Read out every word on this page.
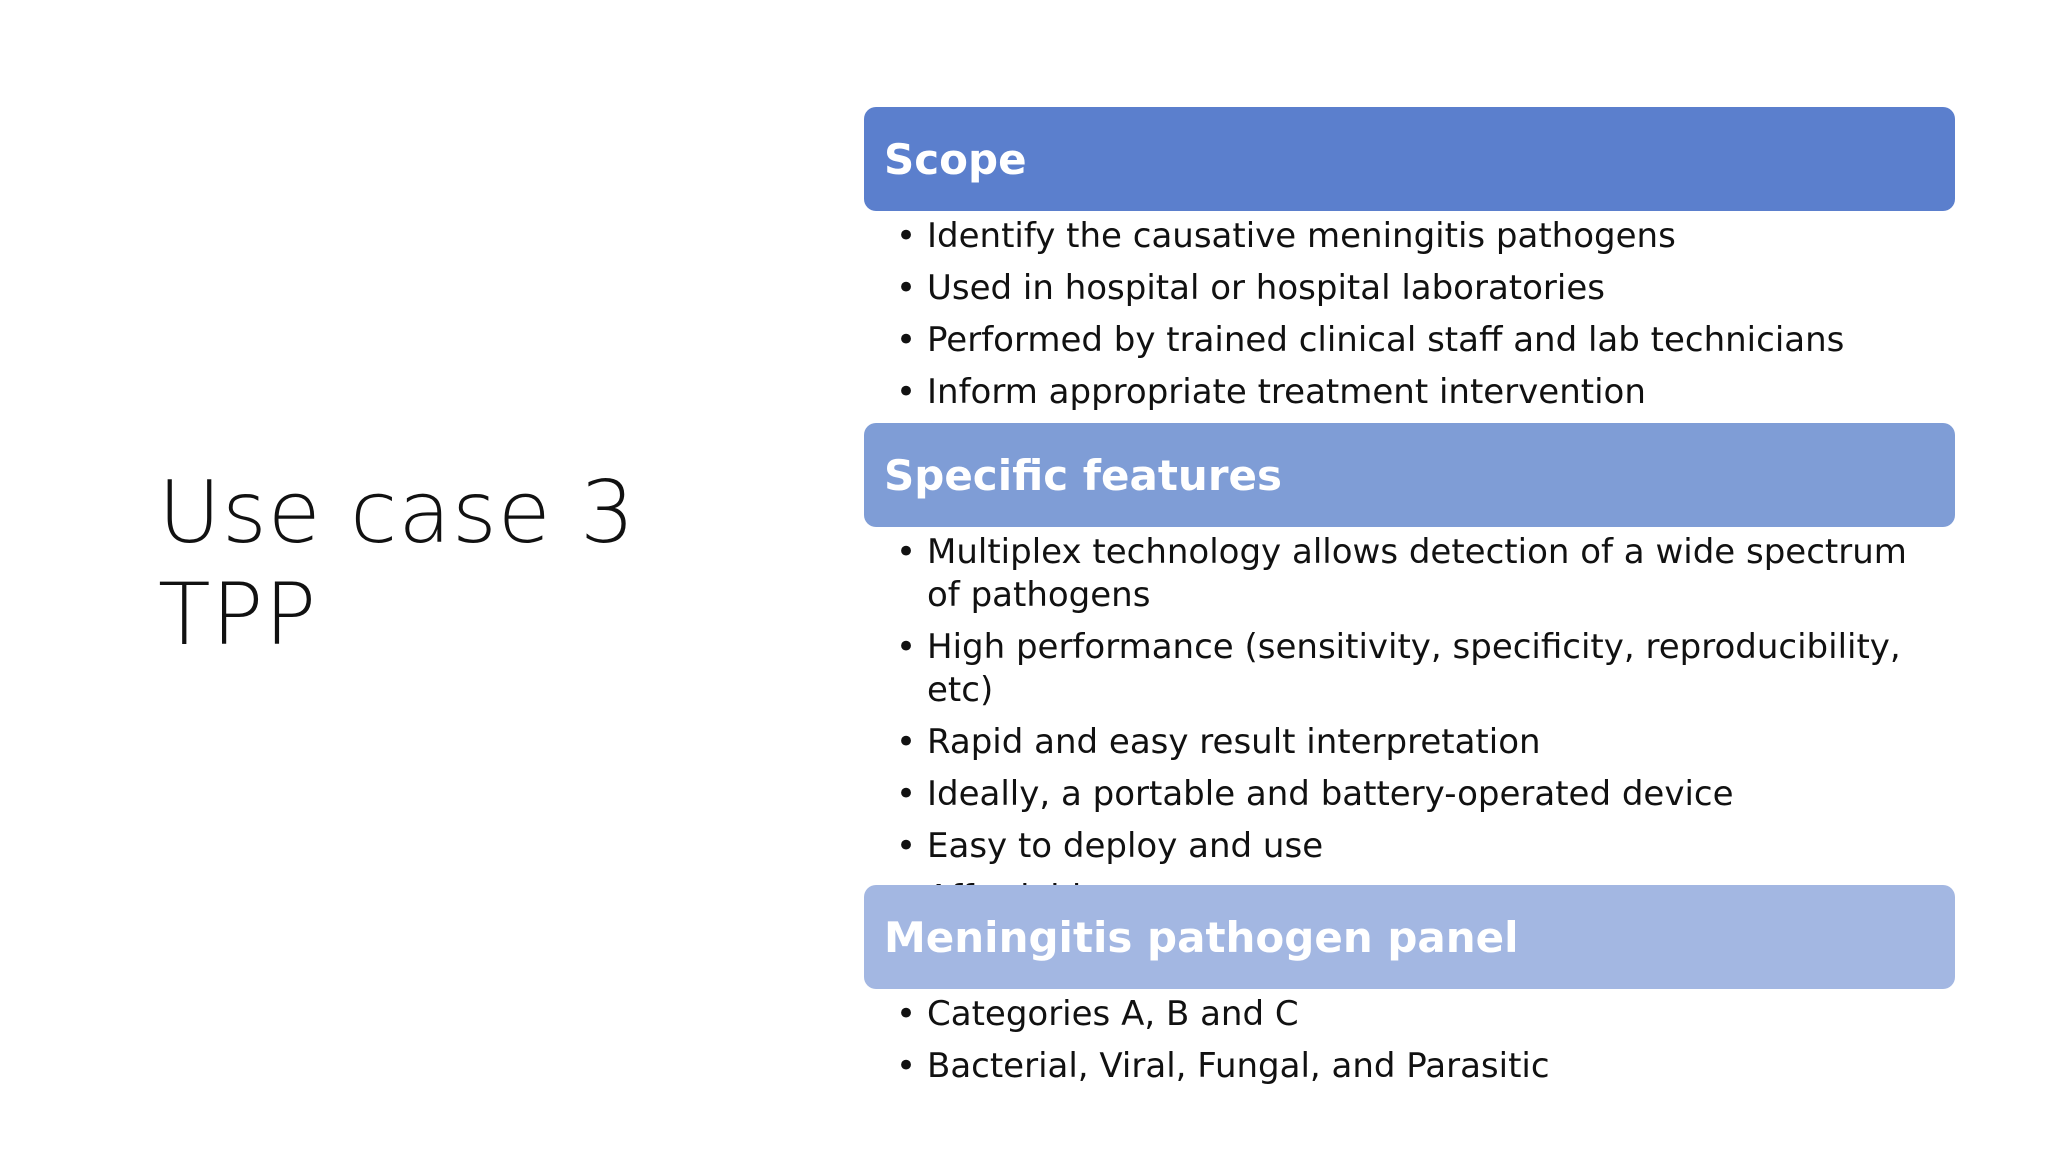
Use case 3
TPP
Scope
• Identify the causative meningitis pathogens
• Used in hospital or hospital laboratories
• Performed by trained clinical staff and lab technicians
• Inform appropriate treatment intervention
Specific features
• Multiplex technology allows detection of a wide spectrum of pathogens
• High performance (sensitivity, specificity, reproducibility, etc)
• Rapid and easy result interpretation
• Ideally, a portable and battery-operated device
• Easy to deploy and use
•
Meningitis pathogen panel
• Categories A, B and C
• Bacterial, Viral, Fungal, and Parasitic
